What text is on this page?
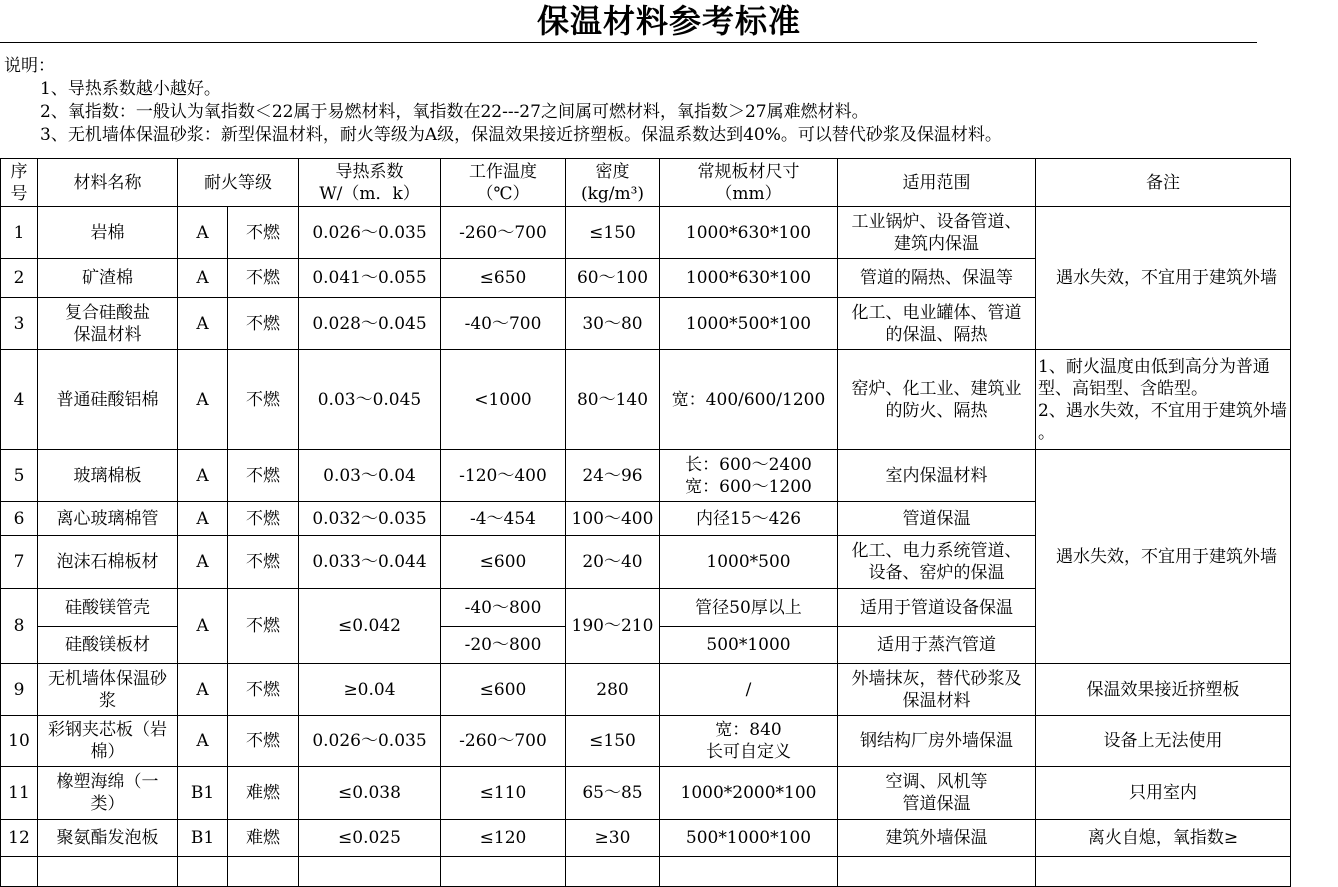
保温材料参考标准
说明：
1、导热系数越小越好。
2、氧指数：一般认为氧指数＜22属于易燃材料，氧指数在22---27之间属可燃材料，氧指数＞27属难燃材料。
3、无机墙体保温砂浆：新型保温材料，耐火等级为A级，保温效果接近挤塑板。保温系数达到40%。可以替代砂浆及保温材料。
序
号	材料名称	耐火等级		导热系数
W/（m．k）	工作温度
（℃）	密度
(kg/m³)	常规板材尺寸
（mm）	适用范围	备注
1	岩棉	A	不燃	0.026～0.035	-260～700	≤150	1000*630*100	工业锅炉、设备管道、
建筑内保温	遇水失效，不宜用于建筑外墙
2	矿渣棉	A	不燃	0.041～0.055	≤650	60～100	1000*630*100	管道的隔热、保温等	
3	复合硅酸盐
保温材料	A	不燃	0.028～0.045	-40～700	30～80	1000*500*100	化工、电业罐体、管道
的保温、隔热	
4	普通硅酸铝棉	A	不燃	0.03～0.045	<1000	80～140	宽：400/600/1200	窑炉、化工业、建筑业
的防火、隔热	1、耐火温度由低到高分为普通型、高铝型、含皓型。
2、遇水失效，不宜用于建筑外墙
。
5	玻璃棉板	A	不燃	0.03～0.04	-120～400	24～96	长：600～2400
宽：600～1200	室内保温材料	遇水失效，不宜用于建筑外墙
6	离心玻璃棉管	A	不燃	0.032～0.035	-4～454	100～400	内径15～426	管道保温	
7	泡沫石棉板材	A	不燃	0.033～0.044	≤600	20～40	1000*500	化工、电力系统管道、
设备、窑炉的保温	
8	硅酸镁管壳	A	不燃	≤0.042	-40～800	190～210	管径50厚以上	适用于管道设备保温	
	硅酸镁板材				-20～800		500*1000	适用于蒸汽管道	
9	无机墙体保温砂
浆	A	不燃	≥0.04	≤600	280	/	外墙抹灰，替代砂浆及
保温材料	保温效果接近挤塑板
10	彩钢夹芯板（岩
棉）	A	不燃	0.026～0.035	-260～700	≤150	宽：840
长可自定义	钢结构厂房外墙保温	设备上无法使用
11	橡塑海绵（一
类）	B1	难燃	≤0.038	≤110	65～85	1000*2000*100	空调、风机等
管道保温	只用室内
12	聚氨酯发泡板	B1	难燃	≤0.025	≤120	≥30	500*1000*100	建筑外墙保温	离火自熄，氧指数≥
